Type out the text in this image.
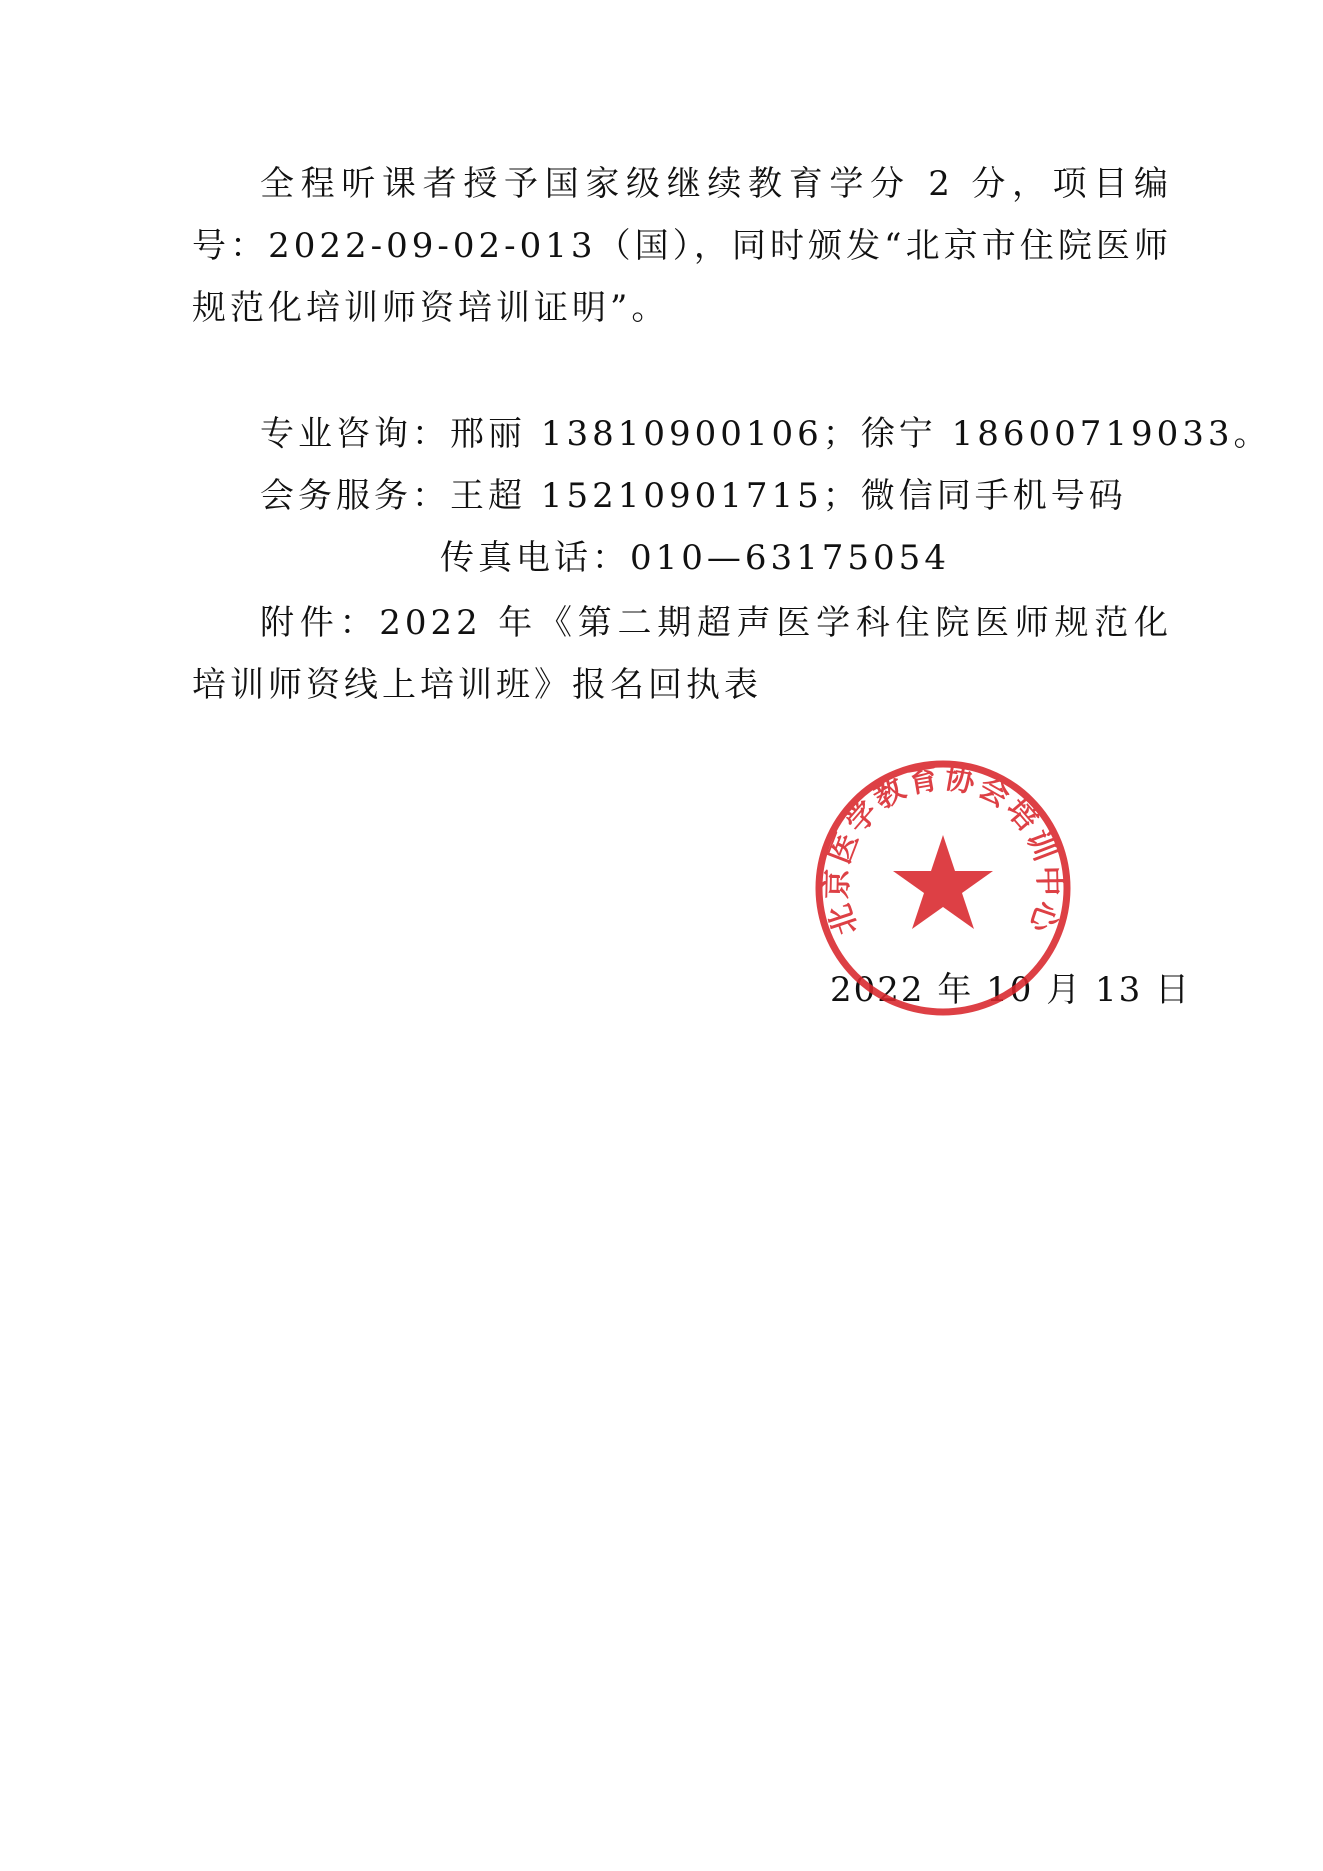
全程听课者授予国家级继续教育学分 2 分，项目编号：2022-09-02-013（国），同时颁发“北京市住院医师规范化培训师资培训证明”。
专业咨询：邢丽 13810900106；徐宁 18600719033。
会务服务：王超 15210901715；微信同手机号码
传真电话：010—63175054
附件：2022 年《第二期超声医学科住院医师规范化培训师资线上培训班》报名回执表
2022 年 10 月 13 日
北京医学教育协会培训中心
